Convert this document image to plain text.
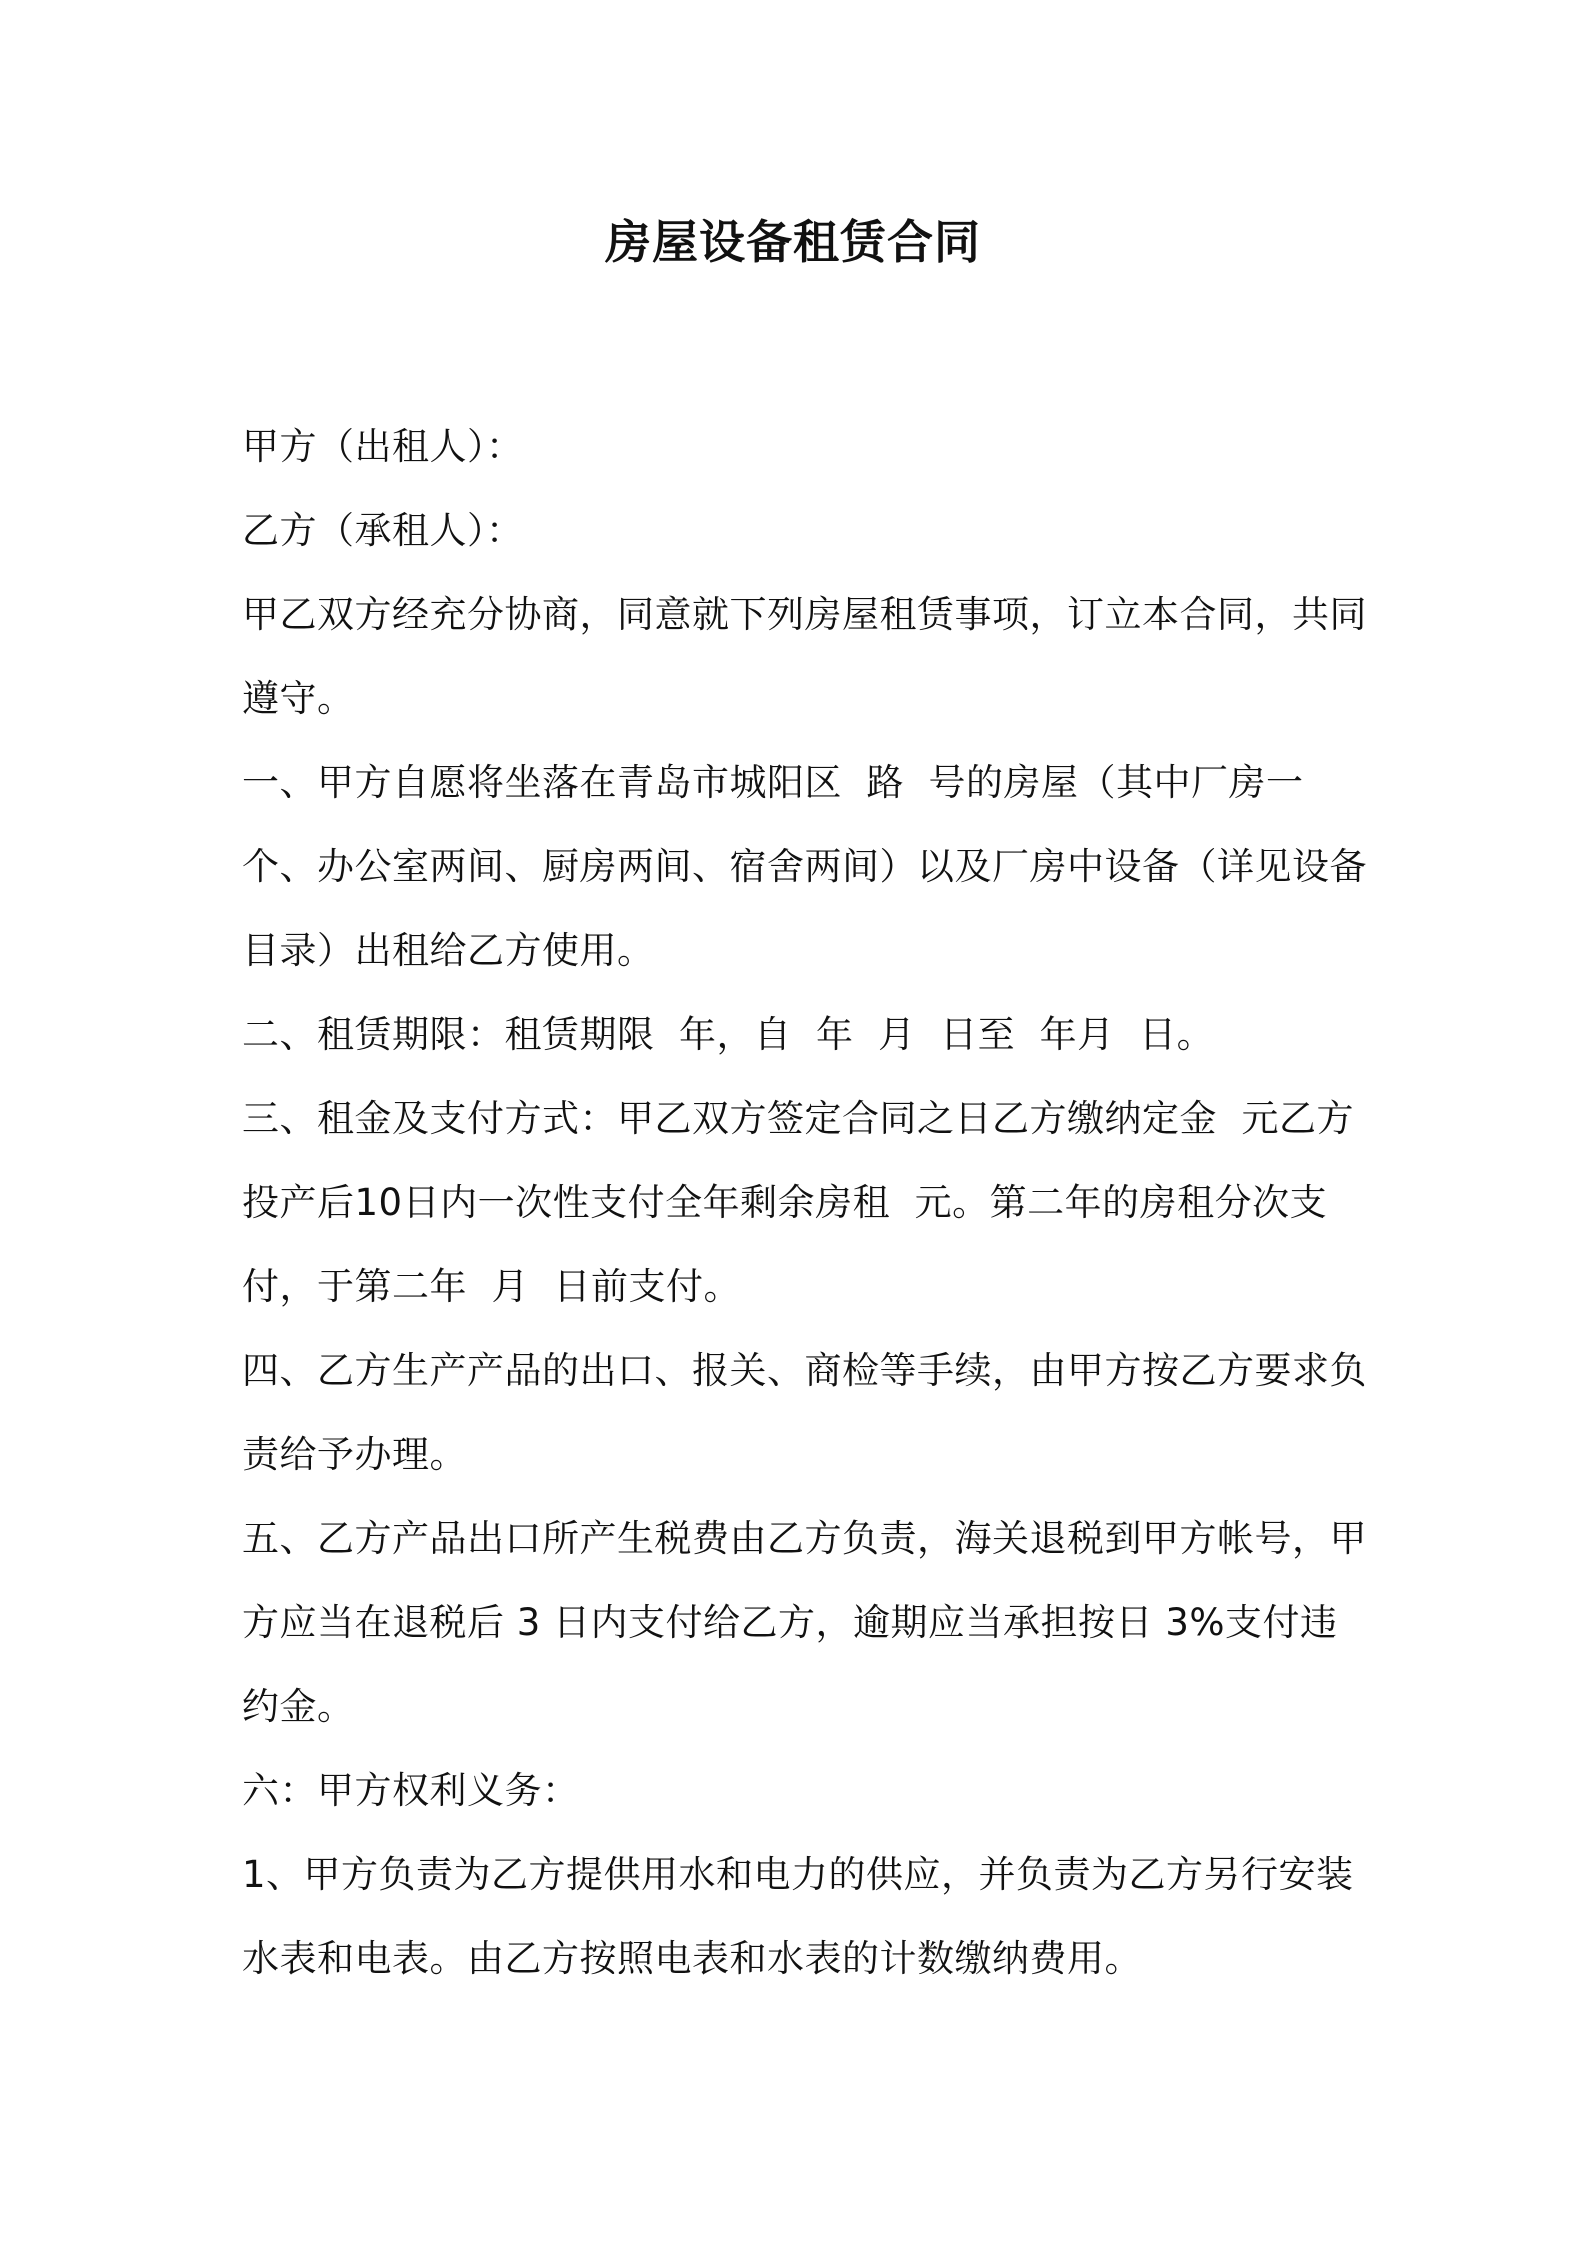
房屋设备租赁合同

甲方（出租人）：

乙方（承租人）：

甲乙双方经充分协商，同意就下列房屋租赁事项，订立本合同，共同遵守。

一、甲方自愿将坐落在青岛市城阳区  路  号的房屋（其中厂房一个、办公室两间、厨房两间、宿舍两间）以及厂房中设备（详见设备目录）出租给乙方使用。

二、租赁期限：租赁期限  年，自  年  月  日至  年月  日。

三、租金及支付方式：甲乙双方签定合同之日乙方缴纳定金  元乙方投产后10日内一次性支付全年剩余房租  元。第二年的房租分次支付，于第二年  月  日前支付。

四、乙方生产产品的出口、报关、商检等手续，由甲方按乙方要求负责给予办理。

五、乙方产品出口所产生税费由乙方负责，海关退税到甲方帐号，甲方应当在退税后 3 日内支付给乙方，逾期应当承担按日 3%支付违约金。

六：甲方权利义务：

1、甲方负责为乙方提供用水和电力的供应，并负责为乙方另行安装水表和电表。由乙方按照电表和水表的计数缴纳费用。
